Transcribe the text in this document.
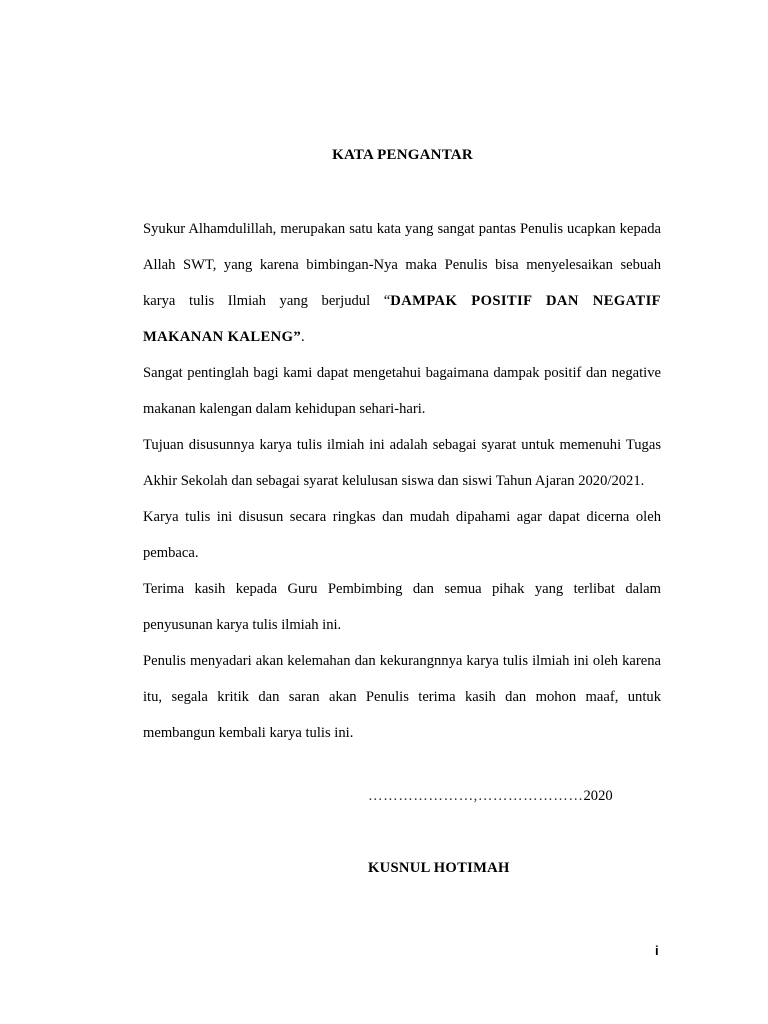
KATA PENGANTAR

Syukur Alhamdulillah, merupakan satu kata yang sangat pantas Penulis ucapkan kepada Allah SWT, yang karena bimbingan-Nya maka Penulis bisa menyelesaikan sebuah karya tulis Ilmiah yang berjudul “DAMPAK POSITIF DAN NEGATIF MAKANAN KALENG”.

Sangat pentinglah bagi kami dapat mengetahui bagaimana dampak positif dan negative makanan kalengan dalam kehidupan sehari-hari.

Tujuan disusunnya karya tulis ilmiah ini adalah sebagai syarat untuk memenuhi Tugas Akhir Sekolah dan sebagai syarat kelulusan siswa dan siswi Tahun Ajaran 2020/2021.

Karya tulis ini disusun secara ringkas dan mudah dipahami agar dapat dicerna oleh pembaca.

Terima kasih kepada Guru Pembimbing dan semua pihak yang terlibat dalam penyusunan karya tulis ilmiah ini.

Penulis menyadari akan kelemahan dan kekurangnnya karya tulis ilmiah ini oleh karena itu, segala kritik dan saran akan Penulis terima kasih dan mohon maaf, untuk membangun kembali karya tulis ini.

…………………,…………………2020
KUSNUL HOTIMAH
i
